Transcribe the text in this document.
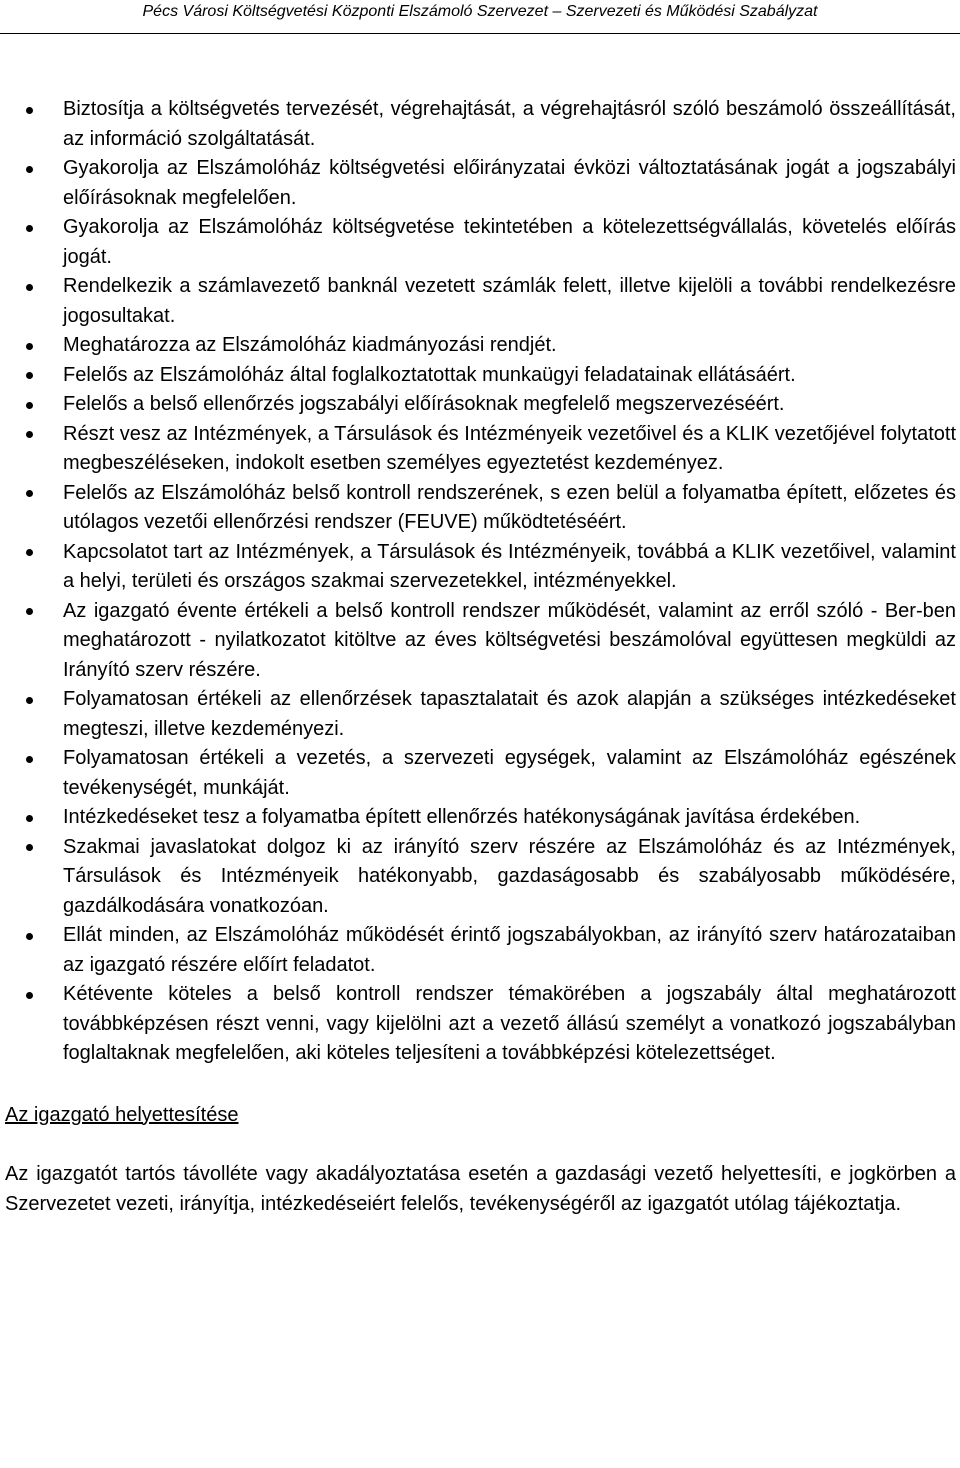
Pécs Városi Költségvetési Központi Elszámoló Szervezet – Szervezeti és Működési Szabályzat
Biztosítja a költségvetés tervezését, végrehajtását, a végrehajtásról szóló beszámoló összeállítását, az információ szolgáltatását.
Gyakorolja az Elszámolóház költségvetési előirányzatai évközi változtatásának jogát a jogszabályi előírásoknak megfelelően.
Gyakorolja az Elszámolóház költségvetése tekintetében a kötelezettségvállalás, követelés előírás jogát.
Rendelkezik a számlavezető banknál vezetett számlák felett, illetve kijelöli a további rendelkezésre jogosultakat.
Meghatározza az Elszámolóház kiadmányozási rendjét.
Felelős az Elszámolóház által foglalkoztatottak munkaügyi feladatainak ellátásáért.
Felelős a belső ellenőrzés jogszabályi előírásoknak megfelelő megszervezéséért.
Részt vesz az Intézmények, a Társulások és Intézményeik vezetőivel és a KLIK vezetőjével folytatott megbeszéléseken, indokolt esetben személyes egyeztetést kezdeményez.
Felelős az Elszámolóház belső kontroll rendszerének, s ezen belül a folyamatba épített, előzetes és utólagos vezetői ellenőrzési rendszer (FEUVE) működtetéséért.
Kapcsolatot tart az Intézmények, a Társulások és Intézményeik, továbbá a KLIK vezetőivel, valamint a helyi, területi és országos szakmai szervezetekkel, intézményekkel.
Az igazgató évente értékeli a belső kontroll rendszer működését, valamint az erről szóló - Ber-ben meghatározott - nyilatkozatot kitöltve az éves költségvetési beszámolóval együttesen megküldi az Irányító szerv részére.
Folyamatosan értékeli az ellenőrzések tapasztalatait és azok alapján a szükséges intézkedéseket megteszi, illetve kezdeményezi.
Folyamatosan értékeli a vezetés, a szervezeti egységek, valamint az Elszámolóház egészének tevékenységét, munkáját.
Intézkedéseket tesz a folyamatba épített ellenőrzés hatékonyságának javítása érdekében.
Szakmai javaslatokat dolgoz ki az irányító szerv részére az Elszámolóház és az Intézmények, Társulások és Intézményeik hatékonyabb, gazdaságosabb és szabályosabb működésére, gazdálkodására vonatkozóan.
Ellát minden, az Elszámolóház működését érintő jogszabályokban, az irányító szerv határozataiban az igazgató részére előírt feladatot.
Kétévente köteles a belső kontroll rendszer témakörében a jogszabály által meghatározott továbbképzésen részt venni, vagy kijelölni azt a vezető állású személyt a vonatkozó jogszabályban foglaltaknak megfelelően, aki köteles teljesíteni a továbbképzési kötelezettséget.

Az igazgató helyettesítése

Az igazgatót tartós távolléte vagy akadályoztatása esetén a gazdasági vezető helyettesíti, e jogkörben a Szervezetet vezeti, irányítja, intézkedéseiért felelős, tevékenységéről az igazgatót utólag tájékoztatja.
